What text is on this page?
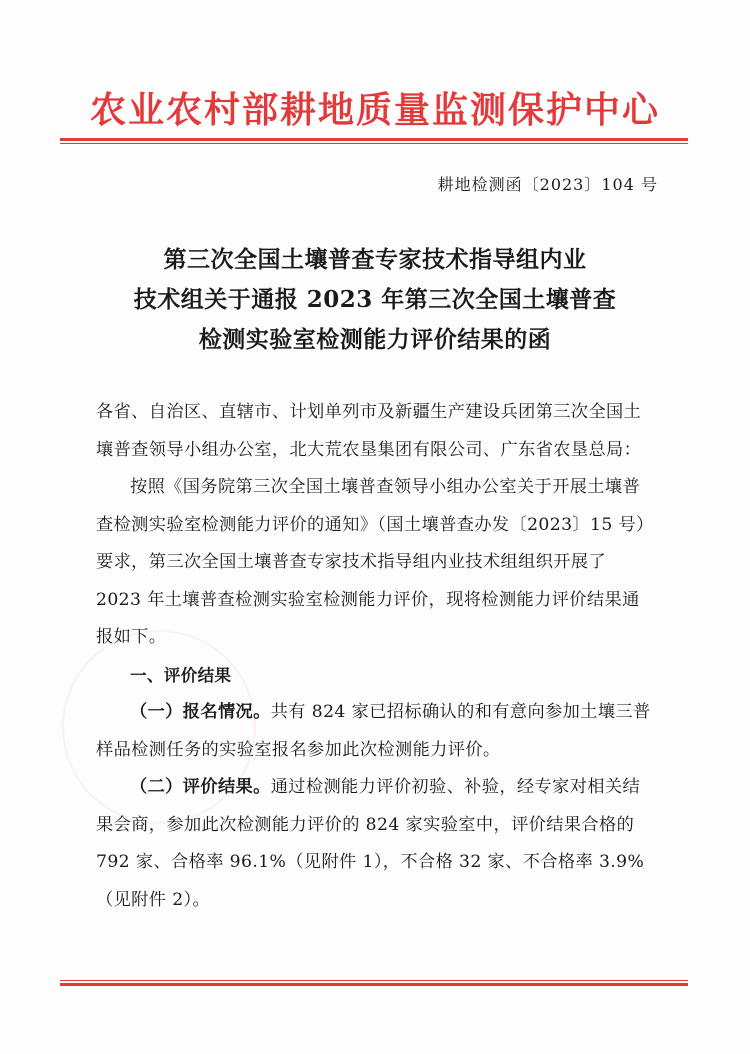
农业农村部耕地质量监测保护中心
耕地检测函〔2023〕104 号
第三次全国土壤普查专家技术指导组内业
技术组关于通报 2023 年第三次全国土壤普查
检测实验室检测能力评价结果的函

各省、自治区、直辖市、计划单列市及新疆生产建设兵团第三次全国土壤普查领导小组办公室，北大荒农垦集团有限公司、广东省农垦总局：

按照《国务院第三次全国土壤普查领导小组办公室关于开展土壤普查检测实验室检测能力评价的通知》（国土壤普查办发〔2023〕15 号）要求，第三次全国土壤普查专家技术指导组内业技术组组织开展了 2023 年土壤普查检测实验室检测能力评价，现将检测能力评价结果通报如下。

一、评价结果

（一）报名情况。共有 824 家已招标确认的和有意向参加土壤三普样品检测任务的实验室报名参加此次检测能力评价。

（二）评价结果。通过检测能力评价初验、补验，经专家对相关结果会商，参加此次检测能力评价的 824 家实验室中，评价结果合格的 792 家、合格率 96.1%（见附件 1），不合格 32 家、不合格率 3.9%（见附件 2）。
